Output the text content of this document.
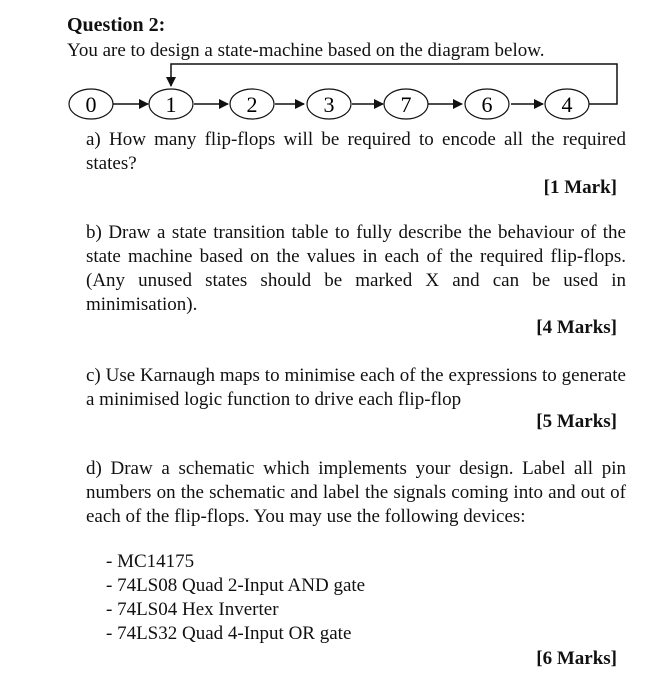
Question 2:
You are to design a state-machine based on the diagram below.
0	1	2	3	7	6	4
a) How many flip-flops will be required to encode all the required states?
[1 Mark]
b) Draw a state transition table to fully describe the behaviour of the state machine based on the values in each of the required flip-flops. (Any unused states should be marked X and can be used in minimisation).
[4 Marks]
c) Use Karnaugh maps to minimise each of the expressions to generate a minimised logic function to drive each flip-flop
[5 Marks]
d) Draw a schematic which implements your design. Label all pin numbers on the schematic and label the signals coming into and out of each of the flip-flops. You may use the following devices:
- MC14175
- 74LS08 Quad 2-Input AND gate
- 74LS04 Hex Inverter
- 74LS32 Quad 4-Input OR gate
[6 Marks]
